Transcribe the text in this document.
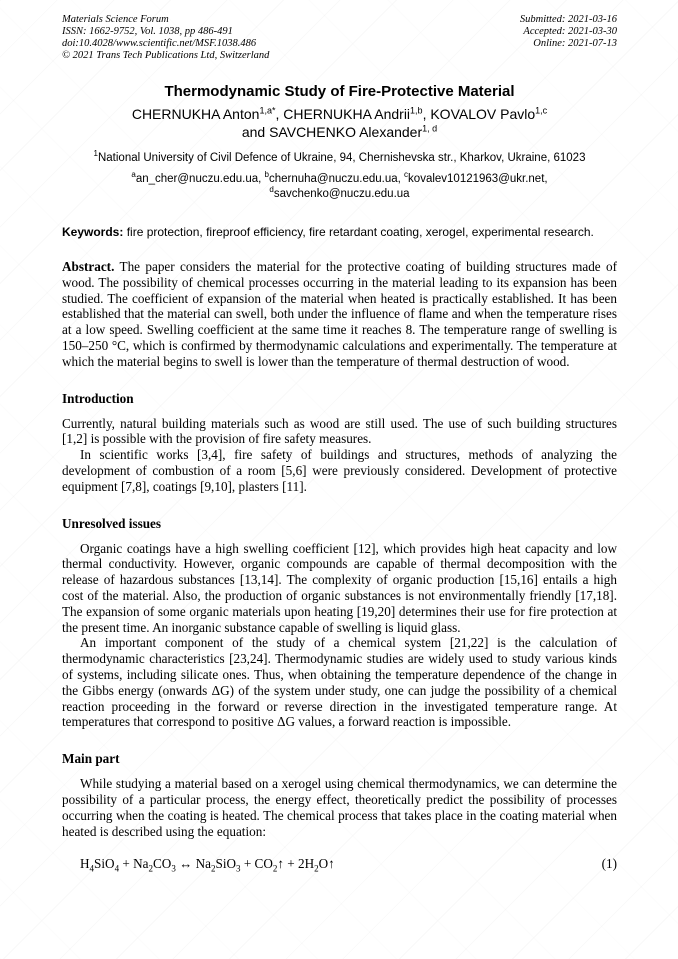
Materials Science Forum
ISSN: 1662-9752, Vol. 1038, pp 486-491
doi:10.4028/www.scientific.net/MSF.1038.486
© 2021 Trans Tech Publications Ltd, Switzerland
Submitted: 2021-03-16
Accepted: 2021-03-30
Online: 2021-07-13
Thermodynamic Study of Fire-Protective Material
CHERNUKHA Anton$^{1,a*}$, CHERNUKHA Andrii$^{1,b}$, KOVALOV Pavlo$^{1,c}$
and SAVCHENKO Alexander$^{1, d}$
$^1$National University of Civil Defence of Ukraine, 94, Chernishevska str., Kharkov, Ukraine, 61023
$^a$an_cher@nuczu.edu.ua, $^b$chernuha@nuczu.edu.ua, $^c$kovalev10121963@ukr.net,
$^d$savchenko@nuczu.edu.ua

Keywords: fire protection, fireproof efficiency, fire retardant coating, xerogel, experimental research.

Abstract. The paper considers the material for the protective coating of building structures made of wood. The possibility of chemical processes occurring in the material leading to its expansion has been studied. The coefficient of expansion of the material when heated is practically established. It has been established that the material can swell, both under the influence of flame and when the temperature rises at a low speed. Swelling coefficient at the same time it reaches 8. The temperature range of swelling is 150–250 °C, which is confirmed by thermodynamic calculations and experimentally. The temperature at which the material begins to swell is lower than the temperature of thermal destruction of wood.

Introduction

Currently, natural building materials such as wood are still used. The use of such building structures [1,2] is possible with the provision of fire safety measures.

In scientific works [3,4], fire safety of buildings and structures, methods of analyzing the development of combustion of a room [5,6] were previously considered. Development of protective equipment [7,8], coatings [9,10], plasters [11].

Unresolved issues

Organic coatings have a high swelling coefficient [12], which provides high heat capacity and low thermal conductivity. However, organic compounds are capable of thermal decomposition with the release of hazardous substances [13,14]. The complexity of organic production [15,16] entails a high cost of the material. Also, the production of organic substances is not environmentally friendly [17,18]. The expansion of some organic materials upon heating [19,20] determines their use for fire protection at the present time. An inorganic substance capable of swelling is liquid glass.

An important component of the study of a chemical system [21,22] is the calculation of thermodynamic characteristics [23,24]. Thermodynamic studies are widely used to study various kinds of systems, including silicate ones. Thus, when obtaining the temperature dependence of the change in the Gibbs energy (onwards ΔG) of the system under study, one can judge the possibility of a chemical reaction proceeding in the forward or reverse direction in the investigated temperature range. At temperatures that correspond to positive ΔG values, a forward reaction is impossible.

Main part

While studying a material based on a xerogel using chemical thermodynamics, we can determine the possibility of a particular process, the energy effect, theoretically predict the possibility of processes occurring when the coating is heated. The chemical process that takes place in the coating material when heated is described using the equation:

$H_4SiO_4 + Na_2CO_3$ ↔ $Na_2SiO_3$ + $CO_2↑$ + $2H_2O↑$	(1)
